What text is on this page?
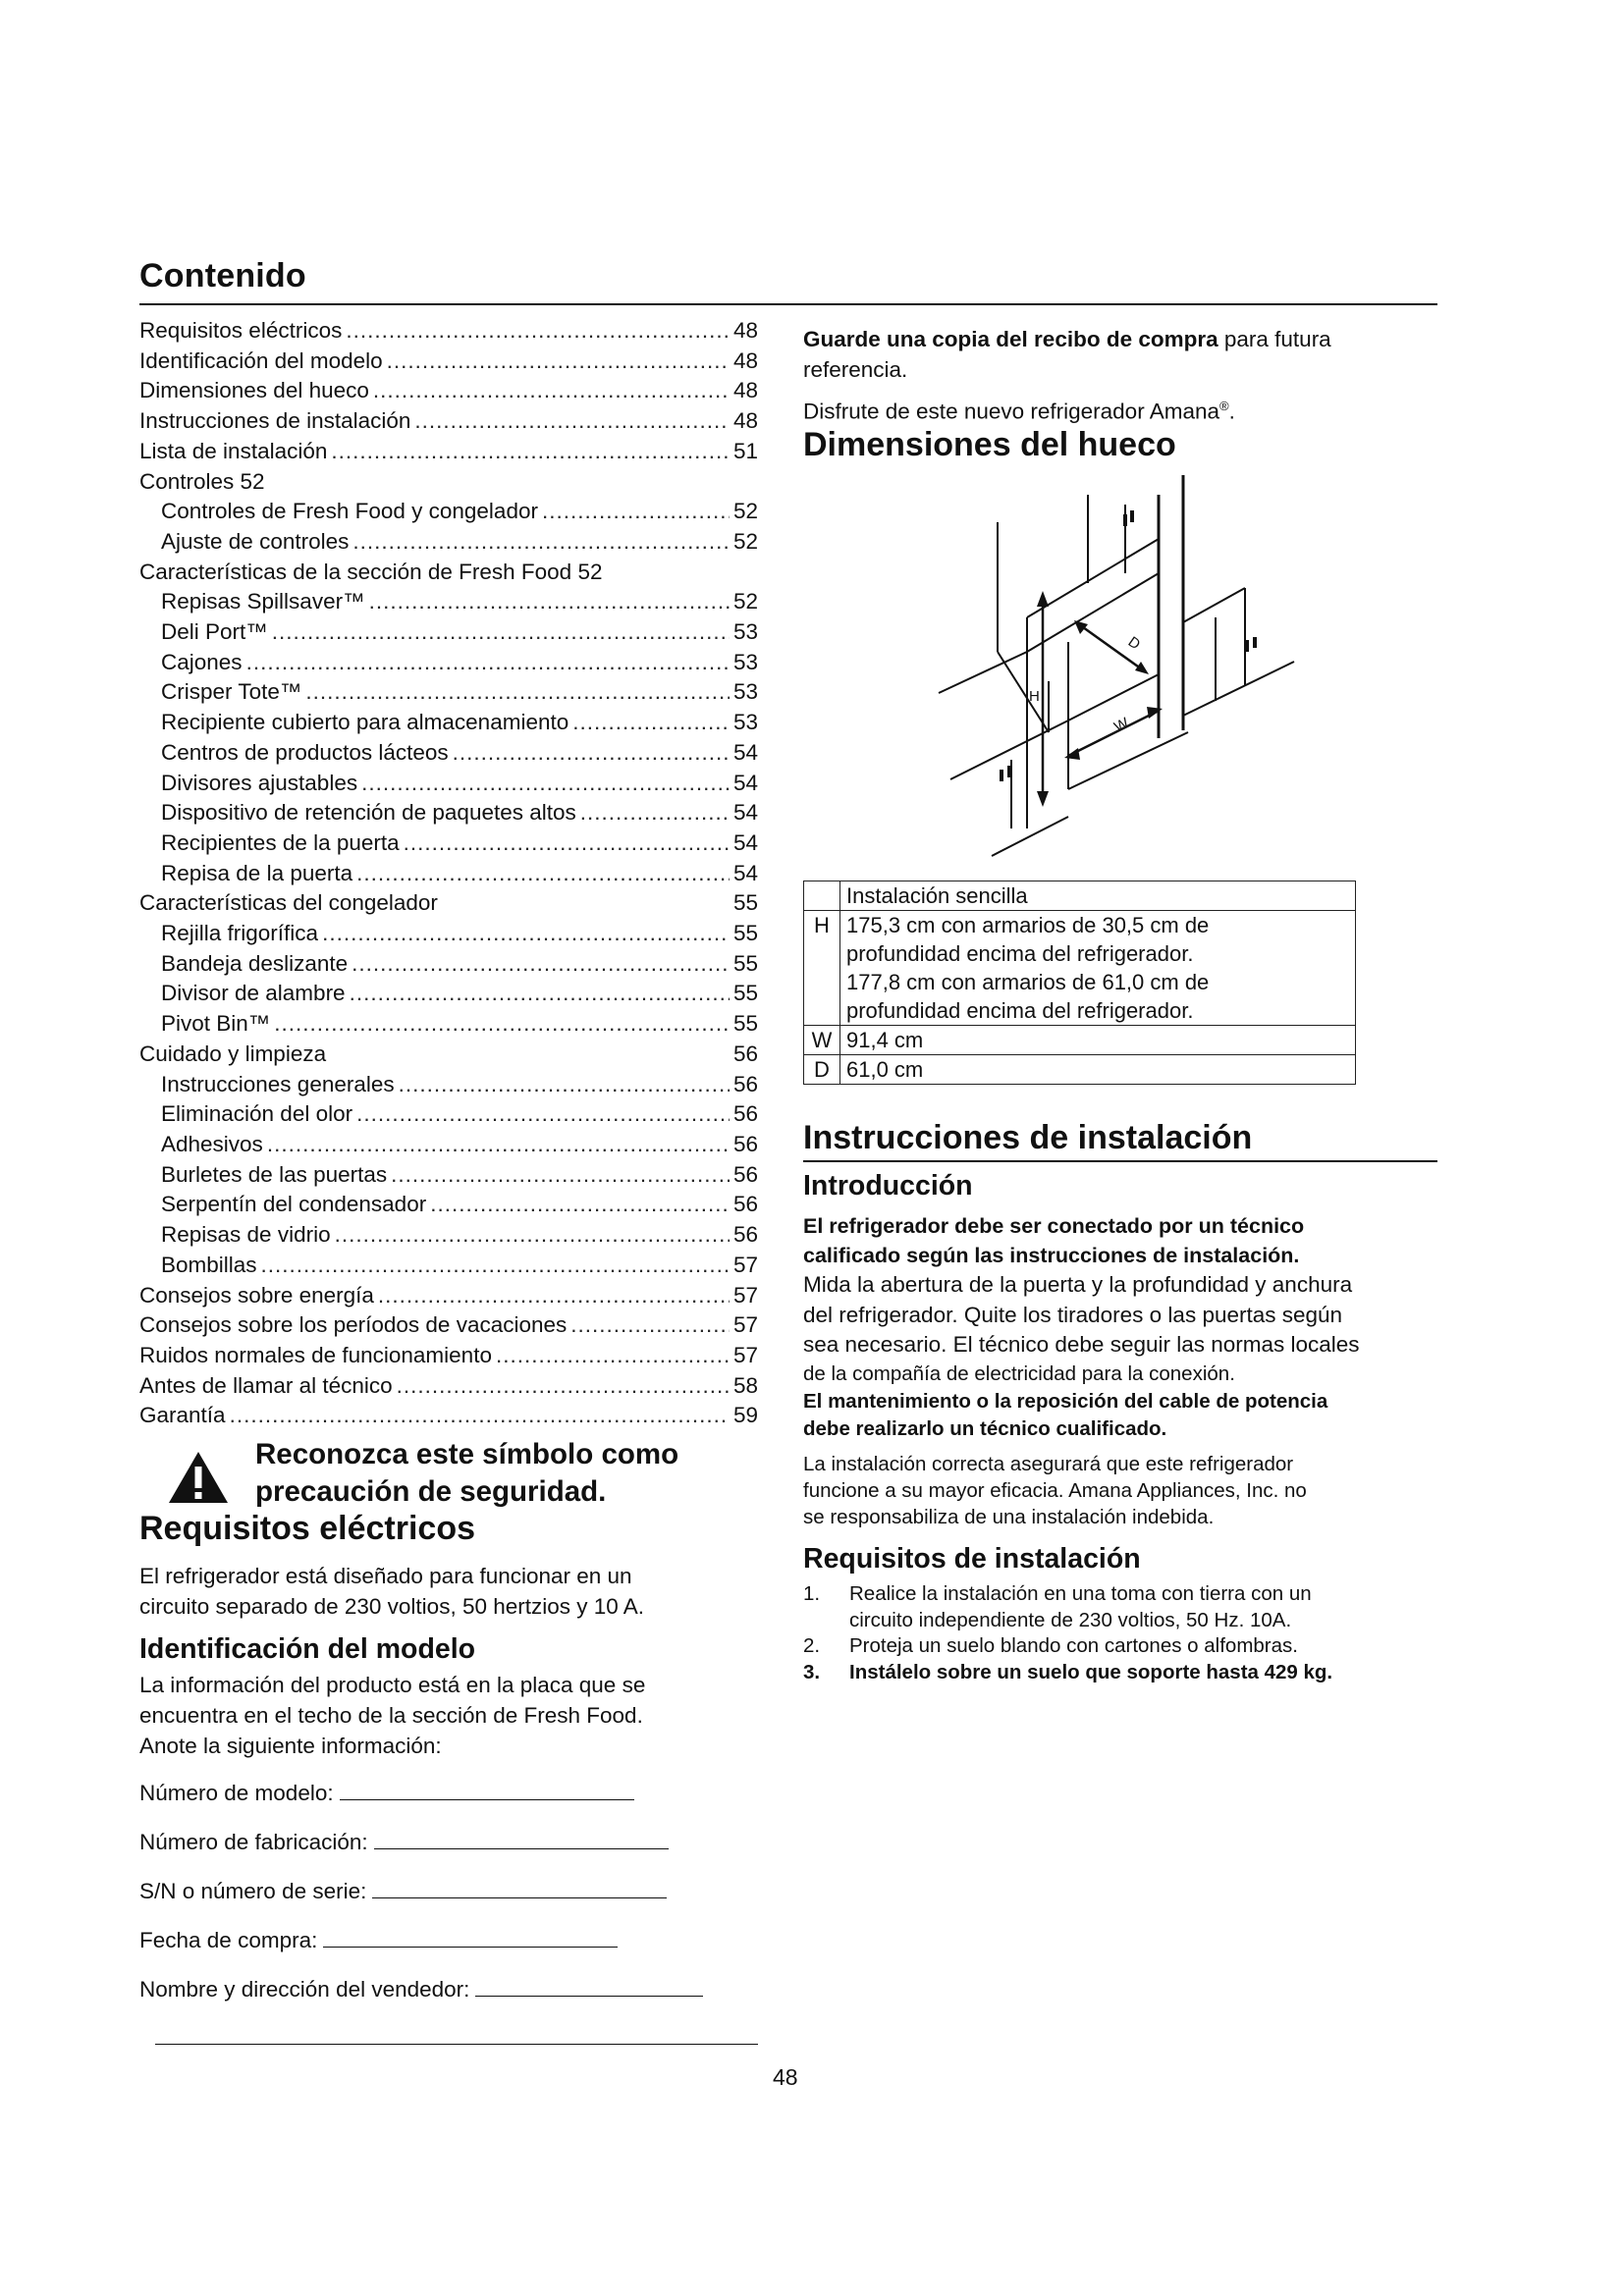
Contenido
Requisitos eléctricos .....	48
Identificación del modelo .....	48
Dimensiones del hueco .....	48
Instrucciones de instalación .....	48
Lista de instalación .....	51
Controles 52
Controles de Fresh Food y congelador .....	52
Ajuste de controles .....	52
Características de la sección de Fresh Food 52
Repisas Spillsaver™ .....	52
Deli Port™ .....	53
Cajones .....	53
Crisper Tote™ .....	53
Recipiente cubierto para almacenamiento .....	53
Centros de productos lácteos .....	54
Divisores ajustables .....	54
Dispositivo de retención de paquetes altos .....	54
Recipientes de la puerta .....	54
Repisa de la puerta .....	54
Características del congelador	55
Rejilla frigorífica .....	55
Bandeja deslizante .....	55
Divisor de alambre .....	55
Pivot Bin™ .....	55
Cuidado y limpieza	56
Instrucciones generales .....	56
Eliminación del olor .....	56
Adhesivos .....	56
Burletes de las puertas .....	56
Serpentín del condensador .....	56
Repisas de vidrio .....	56
Bombillas .....	57
Consejos sobre energía .....	57
Consejos sobre los períodos de vacaciones .....	57
Ruidos normales de funcionamiento .....	57
Antes de llamar al técnico .....	58
Garantía .....	59
Reconozca este símbolo como
precaución de seguridad.
Requisitos eléctricos
El refrigerador está diseñado para funcionar en un
circuito separado de 230 voltios, 50 hertzios y 10 A.
Identificación del modelo
La información del producto está en la placa que se
encuentra en el techo de la sección de Fresh Food.
Anote la siguiente información:
Número de modelo:
Número de fabricación:
S/N o número de serie:
Fecha de compra:
Nombre y dirección del vendedor:
Guarde una copia del recibo de compra para futura
referencia.
Disfrute de este nuevo refrigerador Amana®.
Dimensiones del hueco
H
D
W
	Instalación sencilla
H	175,3 cm con armarios de 30,5 cm de
profundidad encima del refrigerador.
177,8 cm con armarios de 61,0 cm de
profundidad encima del refrigerador.

W	91,4 cm
D	61,0 cm
Instrucciones de instalación
Introducción
El refrigerador debe ser conectado por un técnico
calificado según las instrucciones de instalación.
Mida la abertura de la puerta y la profundidad y anchura
del refrigerador. Quite los tiradores o las puertas según
sea necesario. El técnico debe seguir las normas locales
de la compañía de electricidad para la conexión.
El mantenimiento o la reposición del cable de potencia
debe realizarlo un técnico cualificado.
La instalación correcta asegurará que este refrigerador
funcione a su mayor eficacia. Amana Appliances, Inc. no
se responsabiliza de una instalación indebida.
Requisitos de instalación
1.	Realice la instalación en una toma con tierra con un
circuito independiente de 230 voltios, 50 Hz. 10A.
2.	Proteja un suelo blando con cartones o alfombras.
3.	Instálelo sobre un suelo que soporte hasta 429 kg.
48
